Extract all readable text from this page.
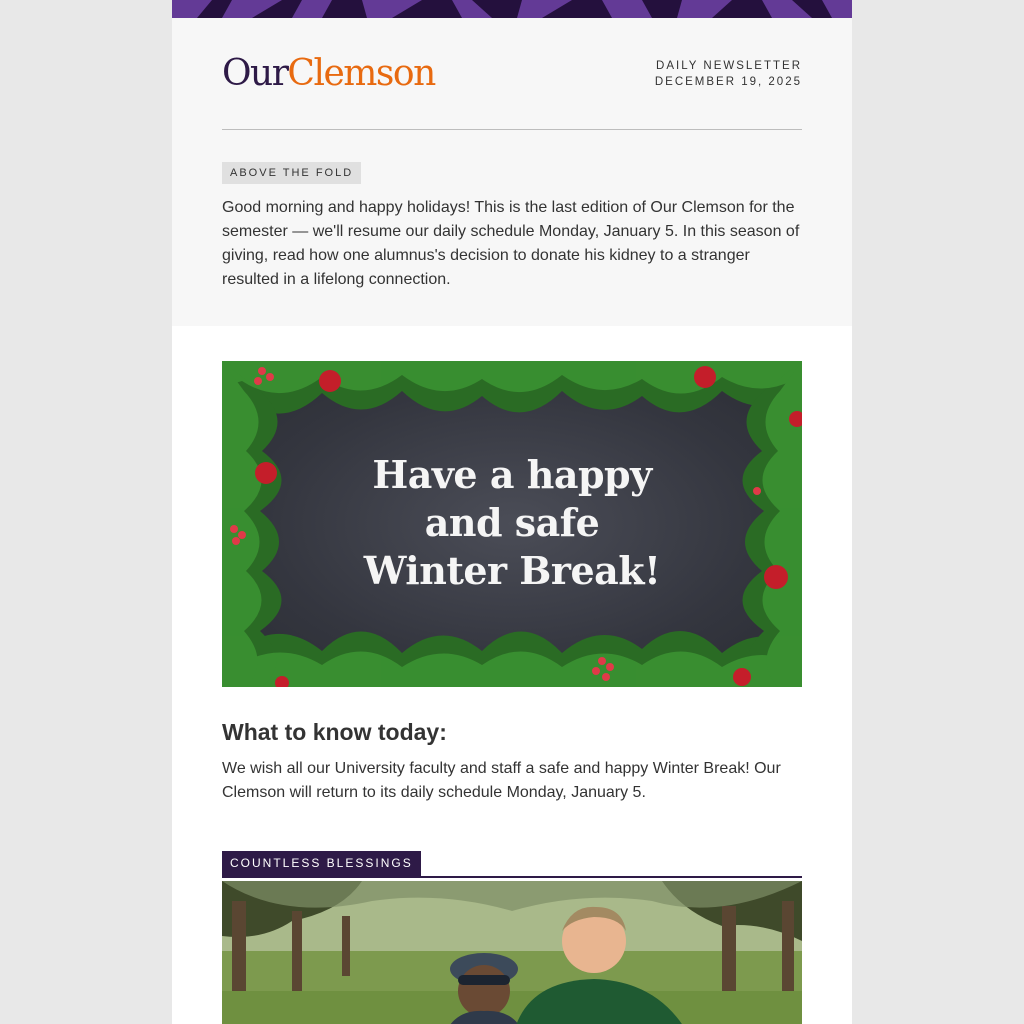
OurClemson	DAILY NEWSLETTER
DECEMBER 19, 2025
ABOVE THE FOLD

Good morning and happy holidays! This is the last edition of Our Clemson for the semester — we'll resume our daily schedule Monday, January 5. In this season of giving, read how one alumnus's decision to donate his kidney to a stranger resulted in a lifelong connection.

Have a happy
and safe
Winter Break!
What to know today:

We wish all our University faculty and staff a safe and happy Winter Break! Our Clemson will return to its daily schedule Monday, January 5.

COUNTLESS BLESSINGS
